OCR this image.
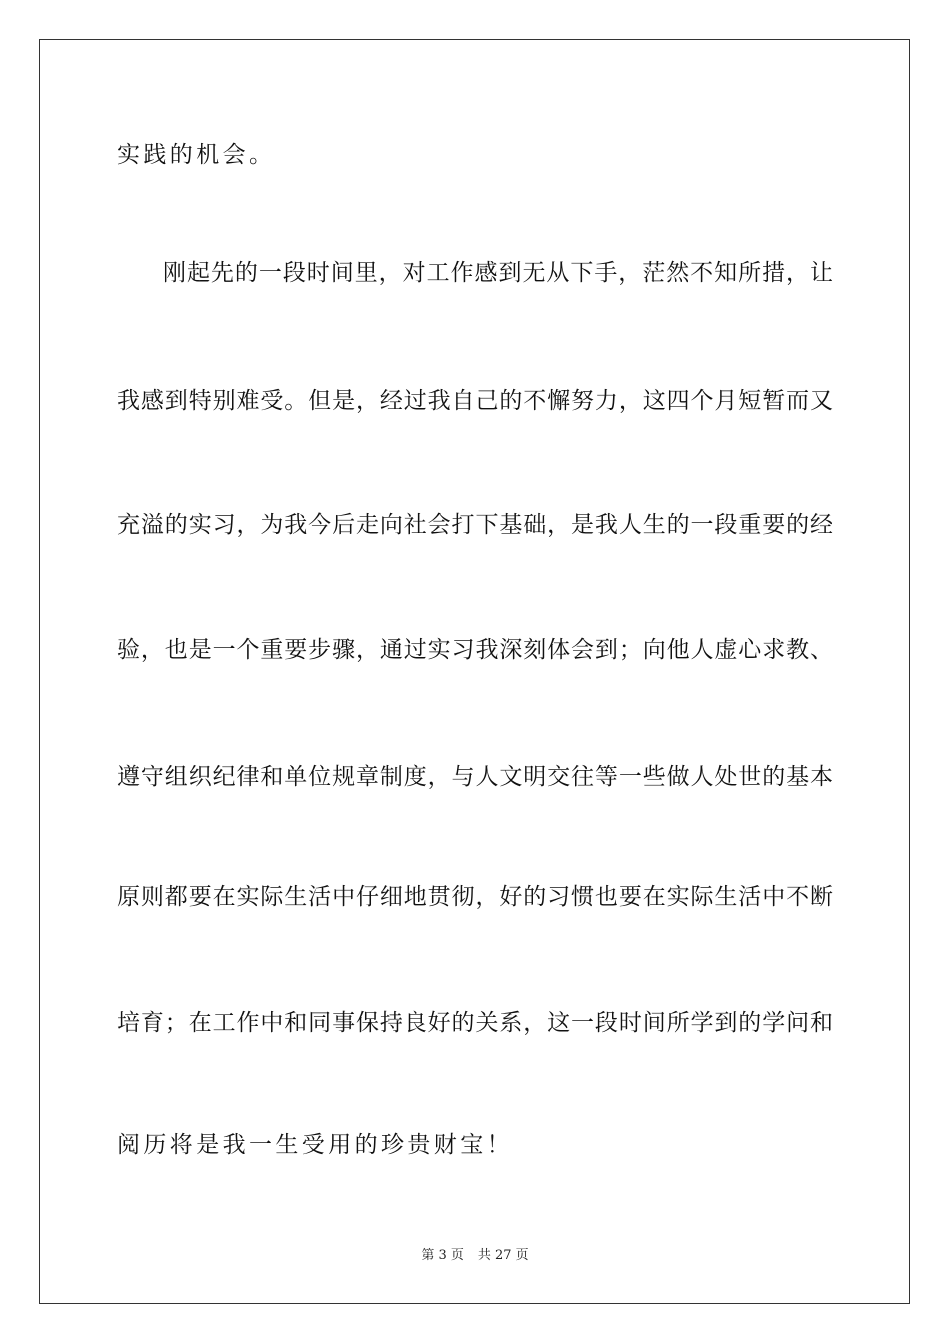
实践的机会。
刚起先的一段时间里，对工作感到无从下手，茫然不知所措，让
我感到特别难受。但是，经过我自己的不懈努力，这四个月短暂而又
充溢的实习，为我今后走向社会打下基础，是我人生的一段重要的经
验，也是一个重要步骤，通过实习我深刻体会到；向他人虚心求教、
遵守组织纪律和单位规章制度，与人文明交往等一些做人处世的基本
原则都要在实际生活中仔细地贯彻，好的习惯也要在实际生活中不断
培育；在工作中和同事保持良好的关系，这一段时间所学到的学问和
阅历将是我一生受用的珍贵财宝！
第 3 页 共 27 页
